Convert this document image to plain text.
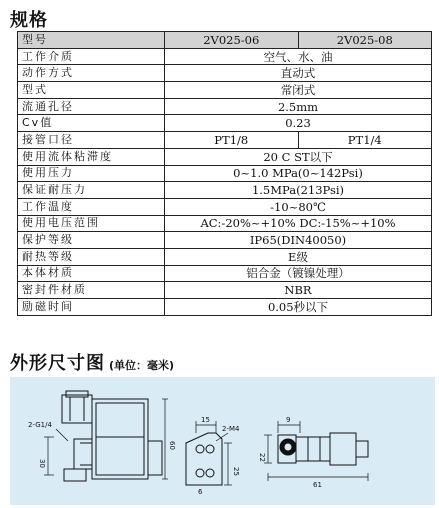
规格
型号	2V025-06	2V025-08
工作介质	空气、水、油	
动作方式	直动式	
型式	常闭式	
流通孔径	2.5mm	
Cv值	0.23	
接管口径	PT1/8	PT1/4
使用流体粘滞度	20 C ST以下	
使用压力	0~1.0 MPa(0~142Psi)	
保证耐压力	1.5MPa(213Psi)	
工作温度	-10~80℃	
使用电压范围	AC:-20%~+10% DC:-15%~+10%	
保护等级	IP65(DIN40050)	
耐热等级	E级	
本体材质	铝合金（镀镍处理）	
密封件材质	NBR	
励磁时间	0.05秒以下	
外形尺寸图 (单位：毫米)
2-G1/4
60
30
15
2-M4
25
6
9
22
61
